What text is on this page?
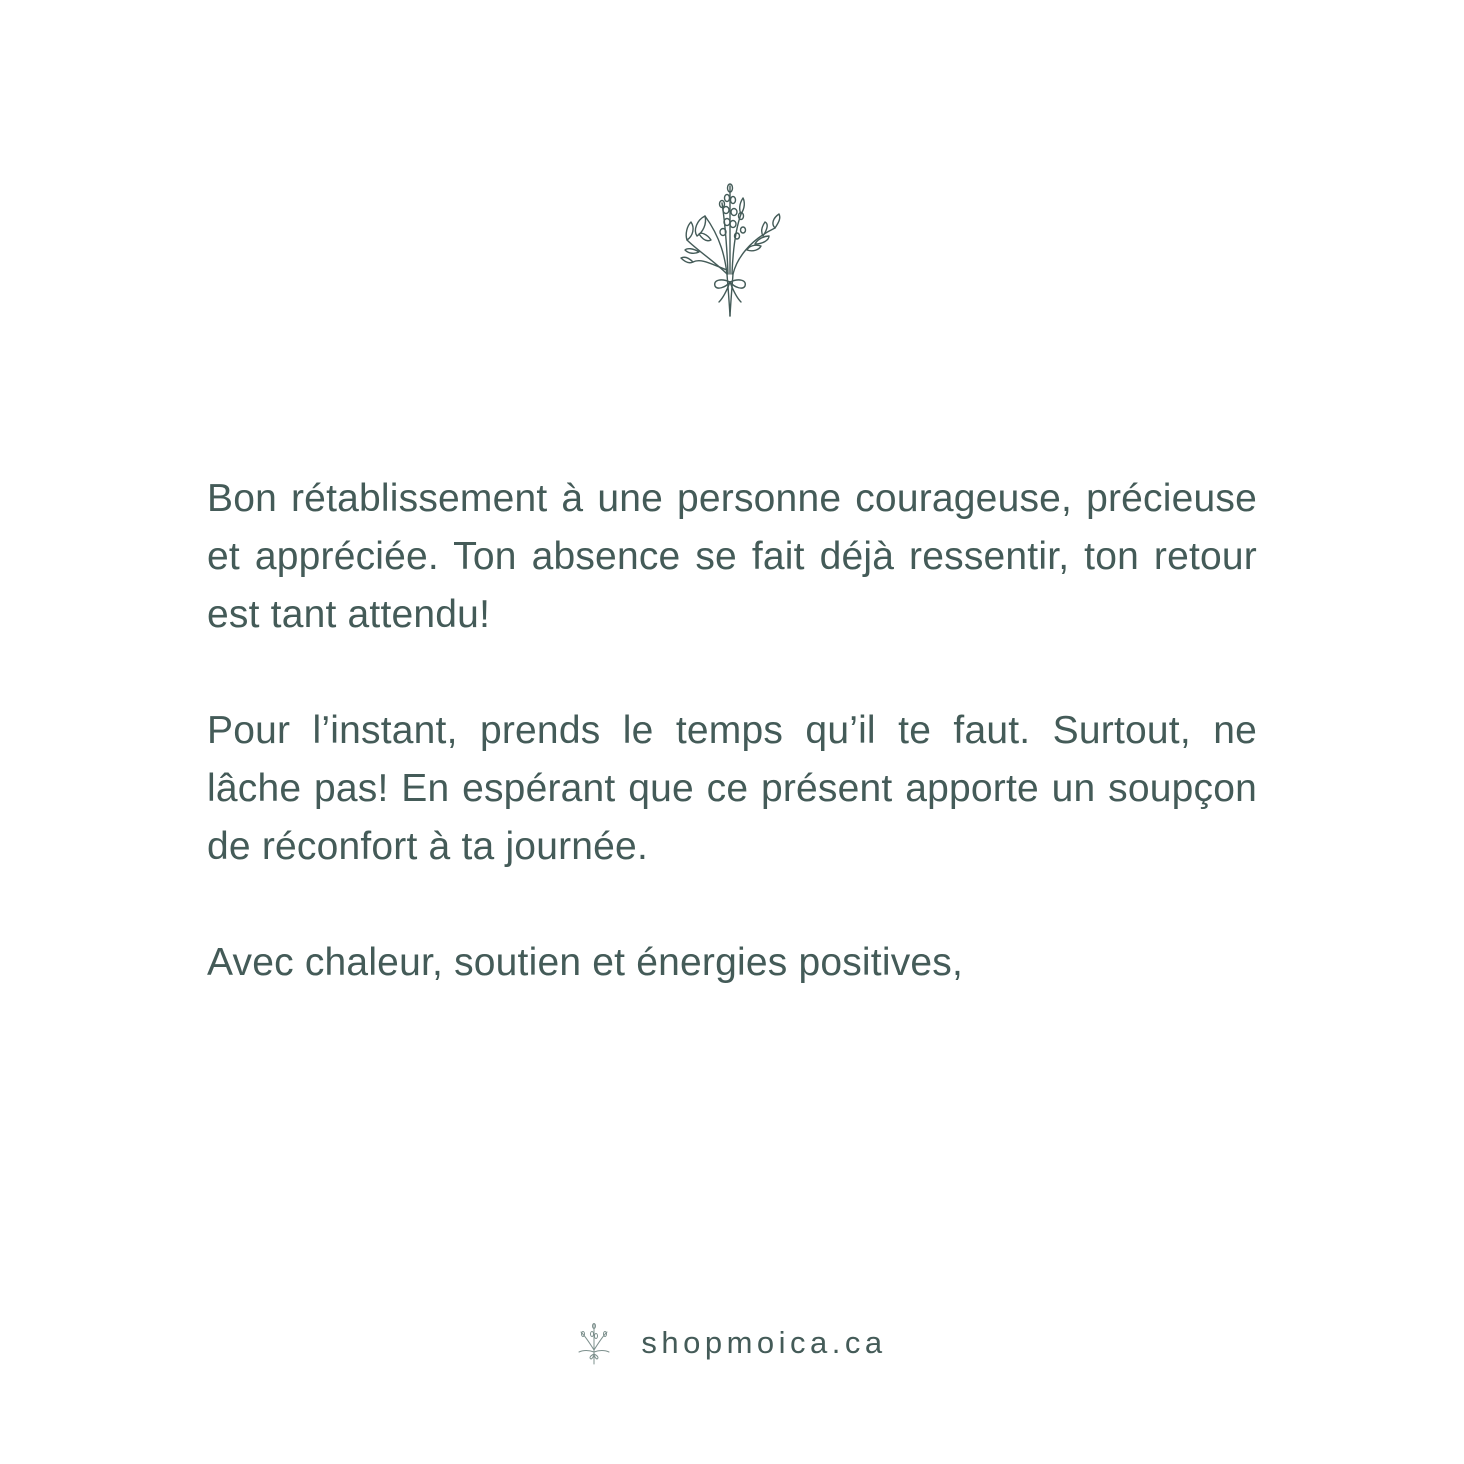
Bon rétablissement à une personne courageuse, précieuse et appréciée. Ton absence se fait déjà ressentir, ton retour est tant attendu!

Pour l’instant, prends le temps qu’il te faut. Surtout, ne lâche pas! En espérant que ce présent apporte un soupçon de réconfort à ta journée.

Avec chaleur, soutien et énergies positives,

shopmoica.ca
